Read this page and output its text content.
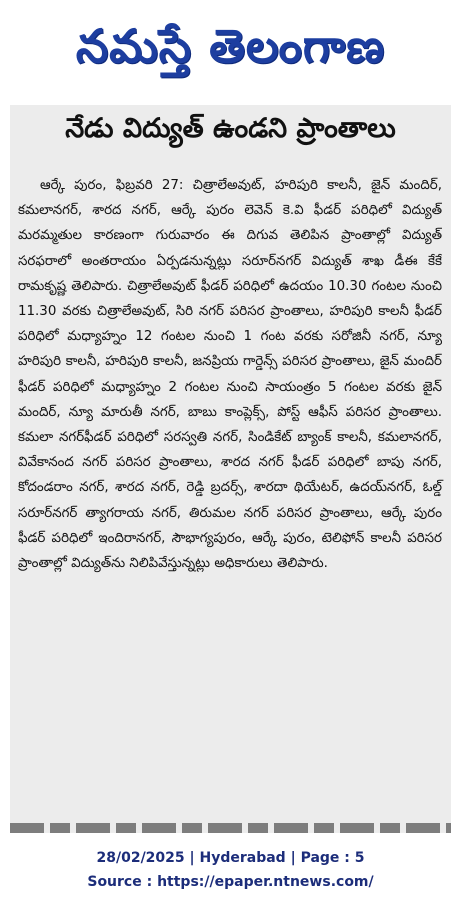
నమస్తే తెలంగాణ
నేడు విద్యుత్ ఉండని ప్రాంతాలు
ఆర్కే పురం, ఫిబ్రవరి 27: చిత్రాలేఅవుట్, హరిపురి కాలనీ, జైన్ మందిర్, కమలానగర్, శారద నగర్, ఆర్కే పురం లెవెన్ కె.వి ఫీడర్ పరిధిలో విద్యుత్ మరమ్మతుల కారణంగా గురువారం ఈ దిగువ తెలిపిన ప్రాంతాల్లో విద్యుత్ సరఫరాలో అంతరాయం ఏర్పడనున్నట్లు సరూర్‌నగర్ విద్యుత్ శాఖ డీఈ కేకే రామకృష్ణ తెలిపారు. చిత్రాలేఅవుట్ ఫీడర్ పరిధిలో ఉదయం 10.30 గంటల నుంచి 11.30 వరకు చిత్రాలేఅవుట్, సిరి నగర్ పరిసర ప్రాంతాలు, హరిపురి కాలనీ ఫీడర్ పరిధిలో మధ్యాహ్నం 12 గంటల నుంచి 1 గంట వరకు సరోజినీ నగర్, న్యూ హరిపురి కాలనీ, హరిపురి కాలనీ, జనప్రియ గార్డెన్స్ పరిసర ప్రాంతాలు, జైన్ మందిర్ ఫీడర్ పరిధిలో మధ్యాహ్నం 2 గంటల నుంచి సాయంత్రం 5 గంటల వరకు జైన్ మందిర్, న్యూ మారుతీ నగర్, బాబు కాంప్లెక్స్, పోస్ట్ ఆఫీస్ పరిసర ప్రాంతాలు. కమలా నగర్‌ఫీడర్ పరిధిలో సరస్వతి నగర్, సిండికేట్ బ్యాంక్ కాలనీ, కమలానగర్, వివేకానంద నగర్ పరిసర ప్రాంతాలు, శారద నగర్ ఫీడర్ పరిధిలో బాపు నగర్, కోదండరాం నగర్, శారద నగర్, రెడ్డి బ్రదర్స్, శారదా థియేటర్, ఉదయ్‌నగర్, ఓల్డ్ సరూర్‌నగర్ త్యాగరాయ నగర్, తిరుమల నగర్ పరిసర ప్రాంతాలు, ఆర్కే పురం ఫీడర్ పరిధిలో ఇందిరానగర్, సౌభాగ్యపురం, ఆర్కే పురం, టెలిఫోన్ కాలనీ పరిసర ప్రాంతాల్లో విద్యుత్‌ను నిలిపివేస్తున్నట్లు అధికారులు తెలిపారు.
28/02/2025 | Hyderabad | Page : 5
Source : https://epaper.ntnews.com/
